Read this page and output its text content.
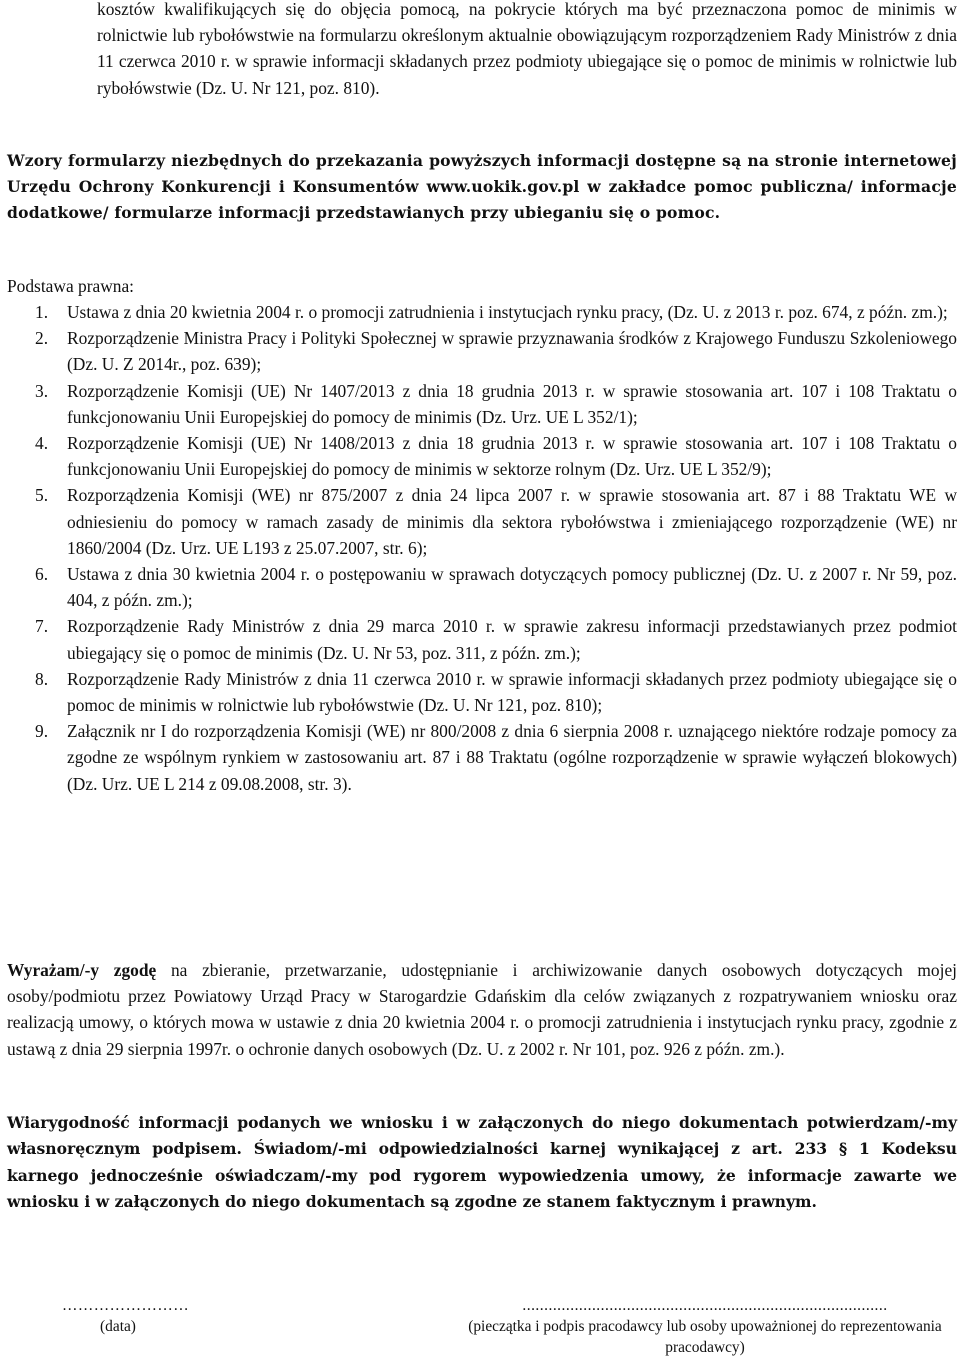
kosztów kwalifikujących się do objęcia pomocą, na pokrycie których ma być przeznaczona pomoc de minimis w rolnictwie lub rybołówstwie na formularzu określonym aktualnie obowiązującym rozporządzeniem Rady Ministrów z dnia 11 czerwca 2010 r. w sprawie informacji składanych przez podmioty ubiegające się o pomoc de minimis w rolnictwie lub rybołówstwie (Dz. U. Nr 121, poz. 810).

Wzory formularzy niezbędnych do przekazania powyższych informacji dostępne są na stronie internetowej Urzędu Ochrony Konkurencji i Konsumentów www.uokik.gov.pl w zakładce pomoc publiczna/ informacje dodatkowe/ formularze informacji przedstawianych przy ubieganiu się o pomoc.

Podstawa prawna:

1. Ustawa z dnia 20 kwietnia 2004 r. o promocji zatrudnienia i instytucjach rynku pracy, (Dz. U. z 2013 r. poz. 674, z późn. zm.);
2. Rozporządzenie Ministra Pracy i Polityki Społecznej w sprawie przyznawania środków z Krajowego Funduszu Szkoleniowego (Dz. U. Z 2014r., poz. 639);
3. Rozporządzenie Komisji (UE) Nr 1407/2013 z dnia 18 grudnia 2013 r. w sprawie stosowania art. 107 i 108 Traktatu o funkcjonowaniu Unii Europejskiej do pomocy de minimis (Dz. Urz. UE L 352/1);
4. Rozporządzenie Komisji (UE) Nr 1408/2013 z dnia 18 grudnia 2013 r. w sprawie stosowania art. 107 i 108 Traktatu o funkcjonowaniu Unii Europejskiej do pomocy de minimis w sektorze rolnym (Dz. Urz. UE L 352/9);
5. Rozporządzenia Komisji (WE) nr 875/2007 z dnia 24 lipca 2007 r. w sprawie stosowania art. 87 i 88 Traktatu WE w odniesieniu do pomocy w ramach zasady de minimis dla sektora rybołówstwa i zmieniającego rozporządzenie (WE) nr 1860/2004 (Dz. Urz. UE L193 z 25.07.2007, str. 6);
6. Ustawa z dnia 30 kwietnia 2004 r. o postępowaniu w sprawach dotyczących pomocy publicznej (Dz. U. z 2007 r. Nr 59, poz. 404, z późn. zm.);
7. Rozporządzenie Rady Ministrów z dnia 29 marca 2010 r. w sprawie zakresu informacji przedstawianych przez podmiot ubiegający się o pomoc de minimis (Dz. U. Nr 53, poz. 311, z późn. zm.);
8. Rozporządzenie Rady Ministrów z dnia 11 czerwca 2010 r. w sprawie informacji składanych przez podmioty ubiegające się o pomoc de minimis w rolnictwie lub rybołówstwie (Dz. U. Nr 121, poz. 810);
9. Załącznik nr I do rozporządzenia Komisji (WE) nr 800/2008 z dnia 6 sierpnia 2008 r. uznającego niektóre rodzaje pomocy za zgodne ze wspólnym rynkiem w zastosowaniu art. 87 i 88 Traktatu (ogólne rozporządzenie w sprawie wyłączeń blokowych) (Dz. Urz. UE L 214 z 09.08.2008, str. 3).

Wyrażam/-y zgodę na zbieranie, przetwarzanie, udostępnianie i archiwizowanie danych osobowych dotyczących mojej osoby/podmiotu przez Powiatowy Urząd Pracy w Starogardzie Gdańskim dla celów związanych z rozpatrywaniem wniosku oraz realizacją umowy, o których mowa w ustawie z dnia 20 kwietnia 2004 r. o promocji zatrudnienia i instytucjach rynku pracy, zgodnie z ustawą z dnia 29 sierpnia 1997r. o ochronie danych osobowych (Dz. U. z 2002 r. Nr 101, poz. 926 z późn. zm.).

Wiarygodność informacji podanych we wniosku i w załączonych do niego dokumentach potwierdzam/-my własnoręcznym podpisem. Świadom/-mi odpowiedzialności karnej wynikającej z art. 233 § 1 Kodeksu karnego jednocześnie oświadczam/-my pod rygorem wypowiedzenia umowy, że informacje zawarte we wniosku i w załączonych do niego dokumentach są zgodne ze stanem faktycznym i prawnym.

……………………
(data)
....................................................................................
(pieczątka i podpis pracodawcy lub osoby upoważnionej do reprezentowania pracodawcy)
